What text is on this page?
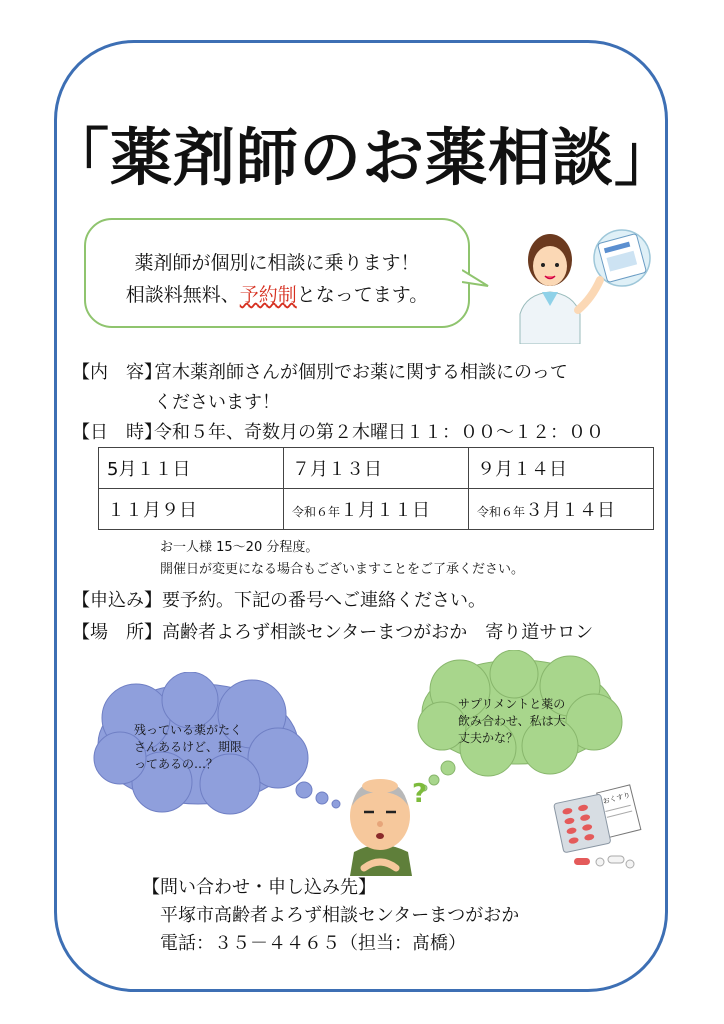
「薬剤師のお薬相談」
薬剤師が個別に相談に乗ります！
相談料無料、予約制となってます。
【内　容】宮木薬剤師さんが個別でお薬に関する相談にのって
くださいます！
【日　時】令和５年、奇数月の第２木曜日１１：００～１２：００
5月１１日	７月１３日	９月１４日
１１月９日	令和６年１月１１日	令和６年３月１４日
お一人様 15～20 分程度。
開催日が変更になる場合もございますことをご了承ください。
【申込み】要予約。下記の番号へご連絡ください。
【場　所】高齢者よろず相談センターまつがおか　寄り道サロン
残っている薬がたく
さんあるけど、期限
ってあるの…？
サプリメントと薬の
飲み合わせ、私は大
丈夫かな？
?	おくすり
【問い合わせ・申し込み先】
平塚市高齢者よろず相談センターまつがおか
電話：３５－４４６５（担当：髙橋）
